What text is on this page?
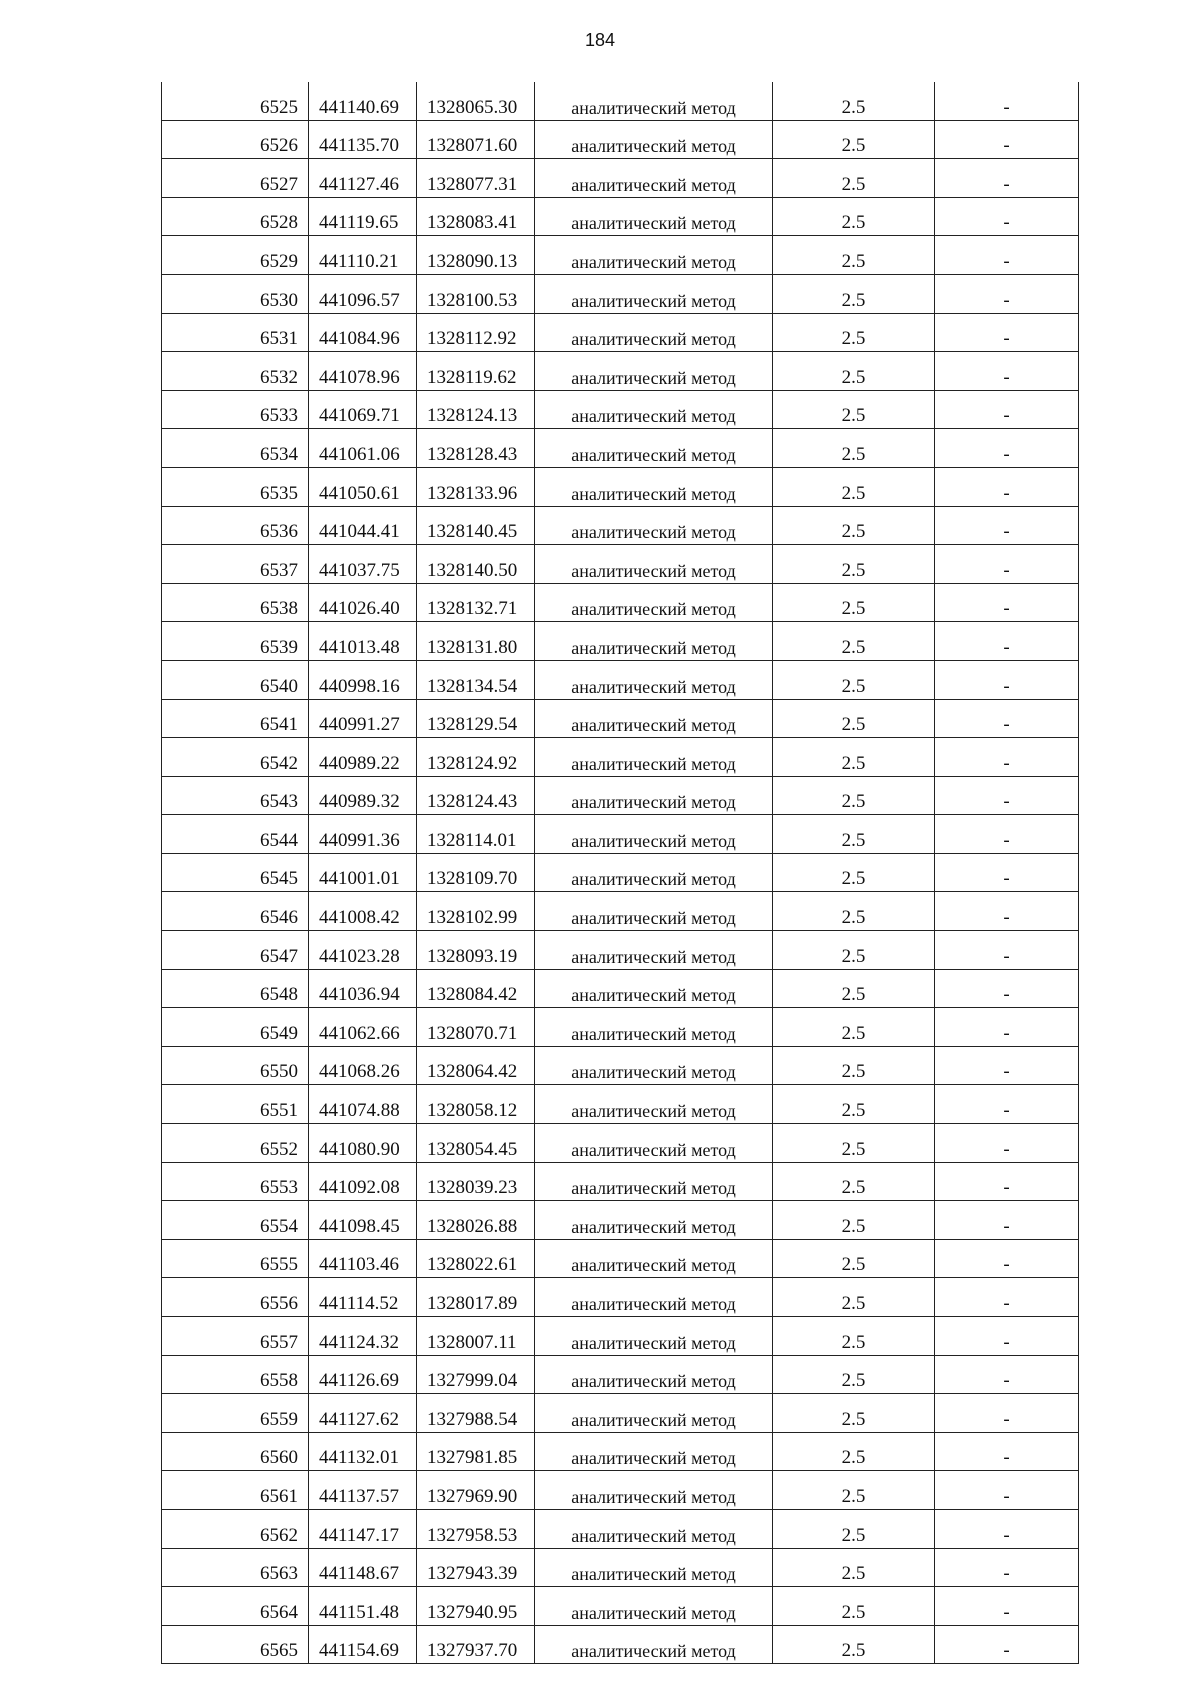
184
6525	441140.69	1328065.30	аналитический метод	2.5	-
6526	441135.70	1328071.60	аналитический метод	2.5	-
6527	441127.46	1328077.31	аналитический метод	2.5	-
6528	441119.65	1328083.41	аналитический метод	2.5	-
6529	441110.21	1328090.13	аналитический метод	2.5	-
6530	441096.57	1328100.53	аналитический метод	2.5	-
6531	441084.96	1328112.92	аналитический метод	2.5	-
6532	441078.96	1328119.62	аналитический метод	2.5	-
6533	441069.71	1328124.13	аналитический метод	2.5	-
6534	441061.06	1328128.43	аналитический метод	2.5	-
6535	441050.61	1328133.96	аналитический метод	2.5	-
6536	441044.41	1328140.45	аналитический метод	2.5	-
6537	441037.75	1328140.50	аналитический метод	2.5	-
6538	441026.40	1328132.71	аналитический метод	2.5	-
6539	441013.48	1328131.80	аналитический метод	2.5	-
6540	440998.16	1328134.54	аналитический метод	2.5	-
6541	440991.27	1328129.54	аналитический метод	2.5	-
6542	440989.22	1328124.92	аналитический метод	2.5	-
6543	440989.32	1328124.43	аналитический метод	2.5	-
6544	440991.36	1328114.01	аналитический метод	2.5	-
6545	441001.01	1328109.70	аналитический метод	2.5	-
6546	441008.42	1328102.99	аналитический метод	2.5	-
6547	441023.28	1328093.19	аналитический метод	2.5	-
6548	441036.94	1328084.42	аналитический метод	2.5	-
6549	441062.66	1328070.71	аналитический метод	2.5	-
6550	441068.26	1328064.42	аналитический метод	2.5	-
6551	441074.88	1328058.12	аналитический метод	2.5	-
6552	441080.90	1328054.45	аналитический метод	2.5	-
6553	441092.08	1328039.23	аналитический метод	2.5	-
6554	441098.45	1328026.88	аналитический метод	2.5	-
6555	441103.46	1328022.61	аналитический метод	2.5	-
6556	441114.52	1328017.89	аналитический метод	2.5	-
6557	441124.32	1328007.11	аналитический метод	2.5	-
6558	441126.69	1327999.04	аналитический метод	2.5	-
6559	441127.62	1327988.54	аналитический метод	2.5	-
6560	441132.01	1327981.85	аналитический метод	2.5	-
6561	441137.57	1327969.90	аналитический метод	2.5	-
6562	441147.17	1327958.53	аналитический метод	2.5	-
6563	441148.67	1327943.39	аналитический метод	2.5	-
6564	441151.48	1327940.95	аналитический метод	2.5	-
6565	441154.69	1327937.70	аналитический метод	2.5	-
